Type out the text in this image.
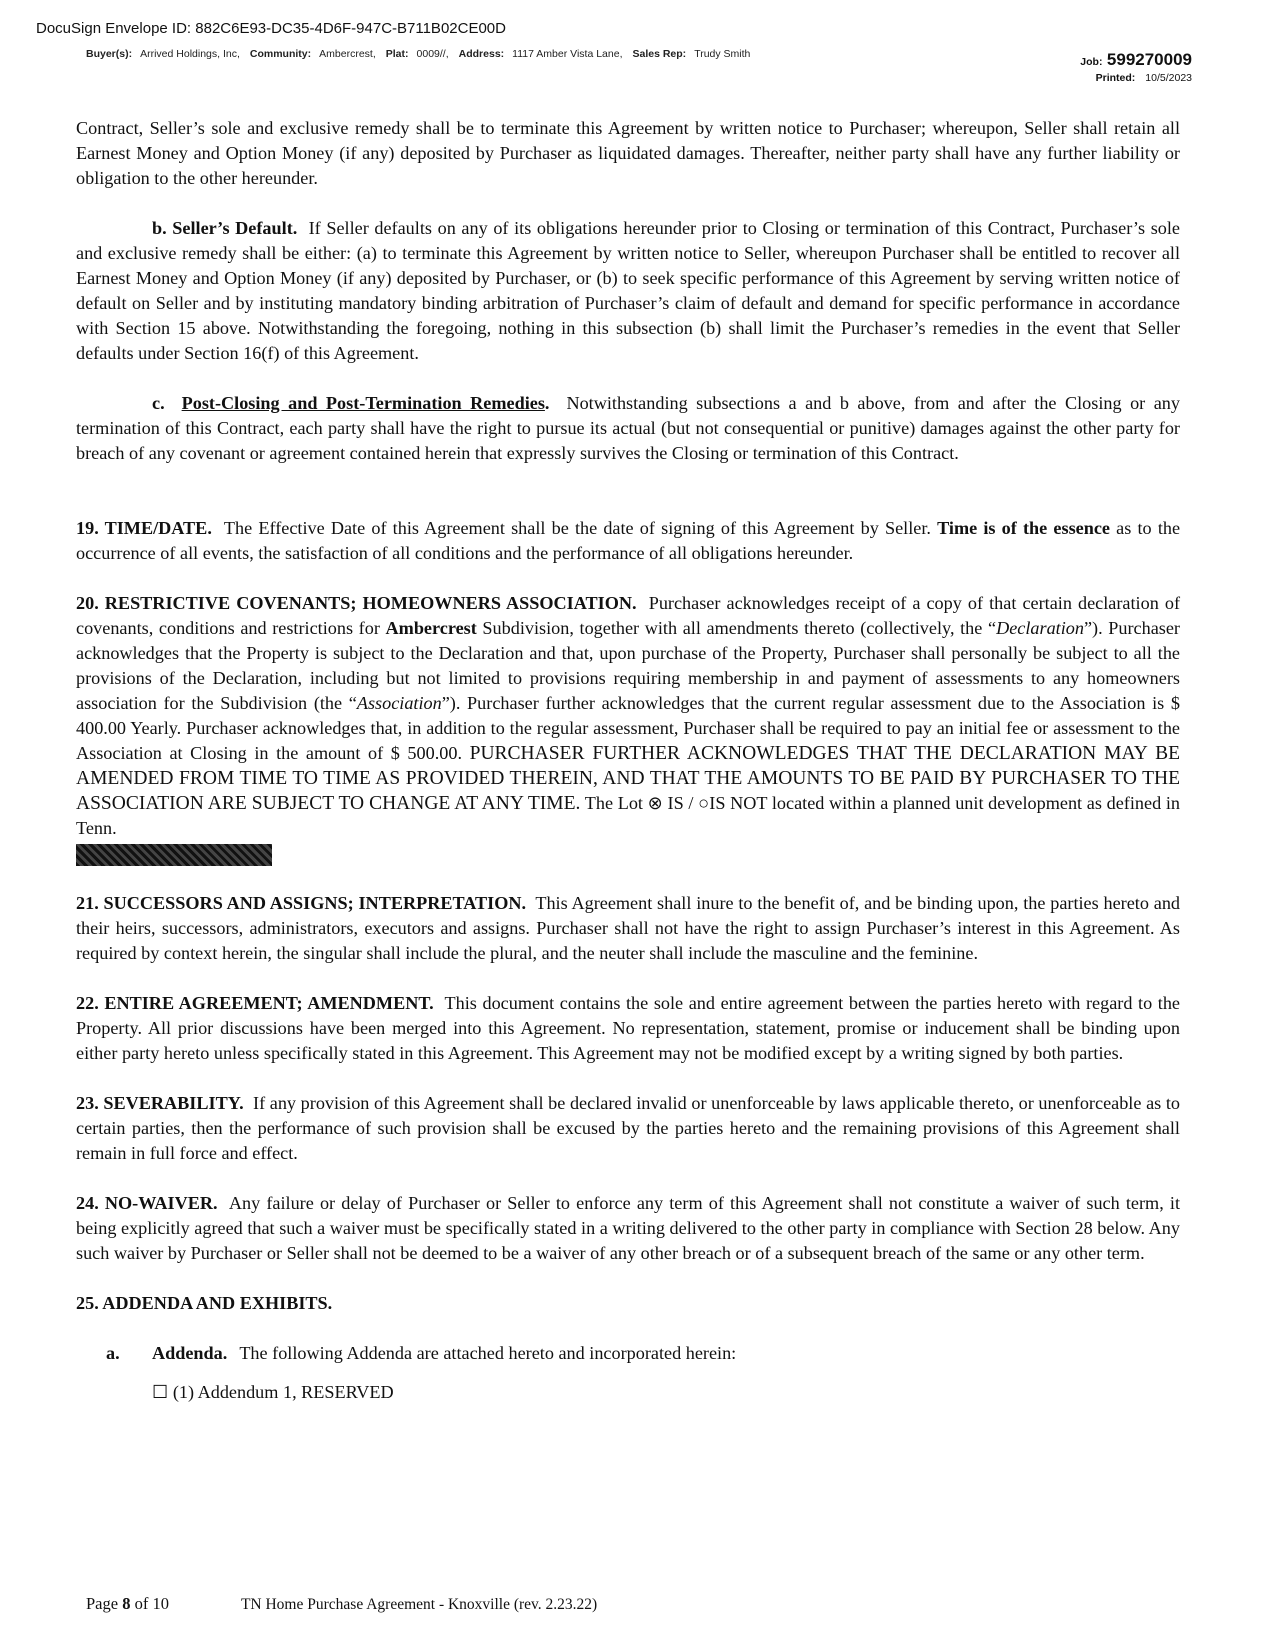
DocuSign Envelope ID: 882C6E93-DC35-4D6F-947C-B711B02CE00D
Buyer(s): Arrived Holdings, Inc, Community: Ambercrest, Plat: 0009//, Address: 1117 Amber Vista Lane, Sales Rep: Trudy Smith
Job: 599270009
Printed: 10/5/2023

Contract, Seller’s sole and exclusive remedy shall be to terminate this Agreement by written notice to Purchaser; whereupon, Seller shall retain all Earnest Money and Option Money (if any) deposited by Purchaser as liquidated damages. Thereafter, neither party shall have any further liability or obligation to the other hereunder.

b. Seller’s Default. If Seller defaults on any of its obligations hereunder prior to Closing or termination of this Contract, Purchaser’s sole and exclusive remedy shall be either: (a) to terminate this Agreement by written notice to Seller, whereupon Purchaser shall be entitled to recover all Earnest Money and Option Money (if any) deposited by Purchaser, or (b) to seek specific performance of this Agreement by serving written notice of default on Seller and by instituting mandatory binding arbitration of Purchaser’s claim of default and demand for specific performance in accordance with Section 15 above. Notwithstanding the foregoing, nothing in this subsection (b) shall limit the Purchaser’s remedies in the event that Seller defaults under Section 16(f) of this Agreement.

c. Post-Closing and Post-Termination Remedies. Notwithstanding subsections a and b above, from and after the Closing or any termination of this Contract, each party shall have the right to pursue its actual (but not consequential or punitive) damages against the other party for breach of any covenant or agreement contained herein that expressly survives the Closing or termination of this Contract.

19. TIME/DATE. The Effective Date of this Agreement shall be the date of signing of this Agreement by Seller. Time is of the essence as to the occurrence of all events, the satisfaction of all conditions and the performance of all obligations hereunder.

20. RESTRICTIVE COVENANTS; HOMEOWNERS ASSOCIATION. Purchaser acknowledges receipt of a copy of that certain declaration of covenants, conditions and restrictions for Ambercrest Subdivision, together with all amendments thereto (collectively, the “Declaration”). Purchaser acknowledges that the Property is subject to the Declaration and that, upon purchase of the Property, Purchaser shall personally be subject to all the provisions of the Declaration, including but not limited to provisions requiring membership in and payment of assessments to any homeowners association for the Subdivision (the “Association”). Purchaser further acknowledges that the current regular assessment due to the Association is $ 400.00 Yearly. Purchaser acknowledges that, in addition to the regular assessment, Purchaser shall be required to pay an initial fee or assessment to the Association at Closing in the amount of $ 500.00. PURCHASER FURTHER ACKNOWLEDGES THAT THE DECLARATION MAY BE AMENDED FROM TIME TO TIME AS PROVIDED THEREIN, AND THAT THE AMOUNTS TO BE PAID BY PURCHASER TO THE ASSOCIATION ARE SUBJECT TO CHANGE AT ANY TIME. The Lot ⊗ IS / ○IS NOT located within a planned unit development as defined in Tenn.

21. SUCCESSORS AND ASSIGNS; INTERPRETATION. This Agreement shall inure to the benefit of, and be binding upon, the parties hereto and their heirs, successors, administrators, executors and assigns. Purchaser shall not have the right to assign Purchaser’s interest in this Agreement. As required by context herein, the singular shall include the plural, and the neuter shall include the masculine and the feminine.

22. ENTIRE AGREEMENT; AMENDMENT. This document contains the sole and entire agreement between the parties hereto with regard to the Property. All prior discussions have been merged into this Agreement. No representation, statement, promise or inducement shall be binding upon either party hereto unless specifically stated in this Agreement. This Agreement may not be modified except by a writing signed by both parties.

23. SEVERABILITY. If any provision of this Agreement shall be declared invalid or unenforceable by laws applicable thereto, or unenforceable as to certain parties, then the performance of such provision shall be excused by the parties hereto and the remaining provisions of this Agreement shall remain in full force and effect.

24. NO-WAIVER. Any failure or delay of Purchaser or Seller to enforce any term of this Agreement shall not constitute a waiver of such term, it being explicitly agreed that such a waiver must be specifically stated in a writing delivered to the other party in compliance with Section 28 below. Any such waiver by Purchaser or Seller shall not be deemed to be a waiver of any other breach or of a subsequent breach of the same or any other term.

25. ADDENDA AND EXHIBITS.

a. Addenda. The following Addenda are attached hereto and incorporated herein:
☐ (1) Addendum 1, RESERVED
Page 8 of 10	TN Home Purchase Agreement - Knoxville (rev. 2.23.22)
